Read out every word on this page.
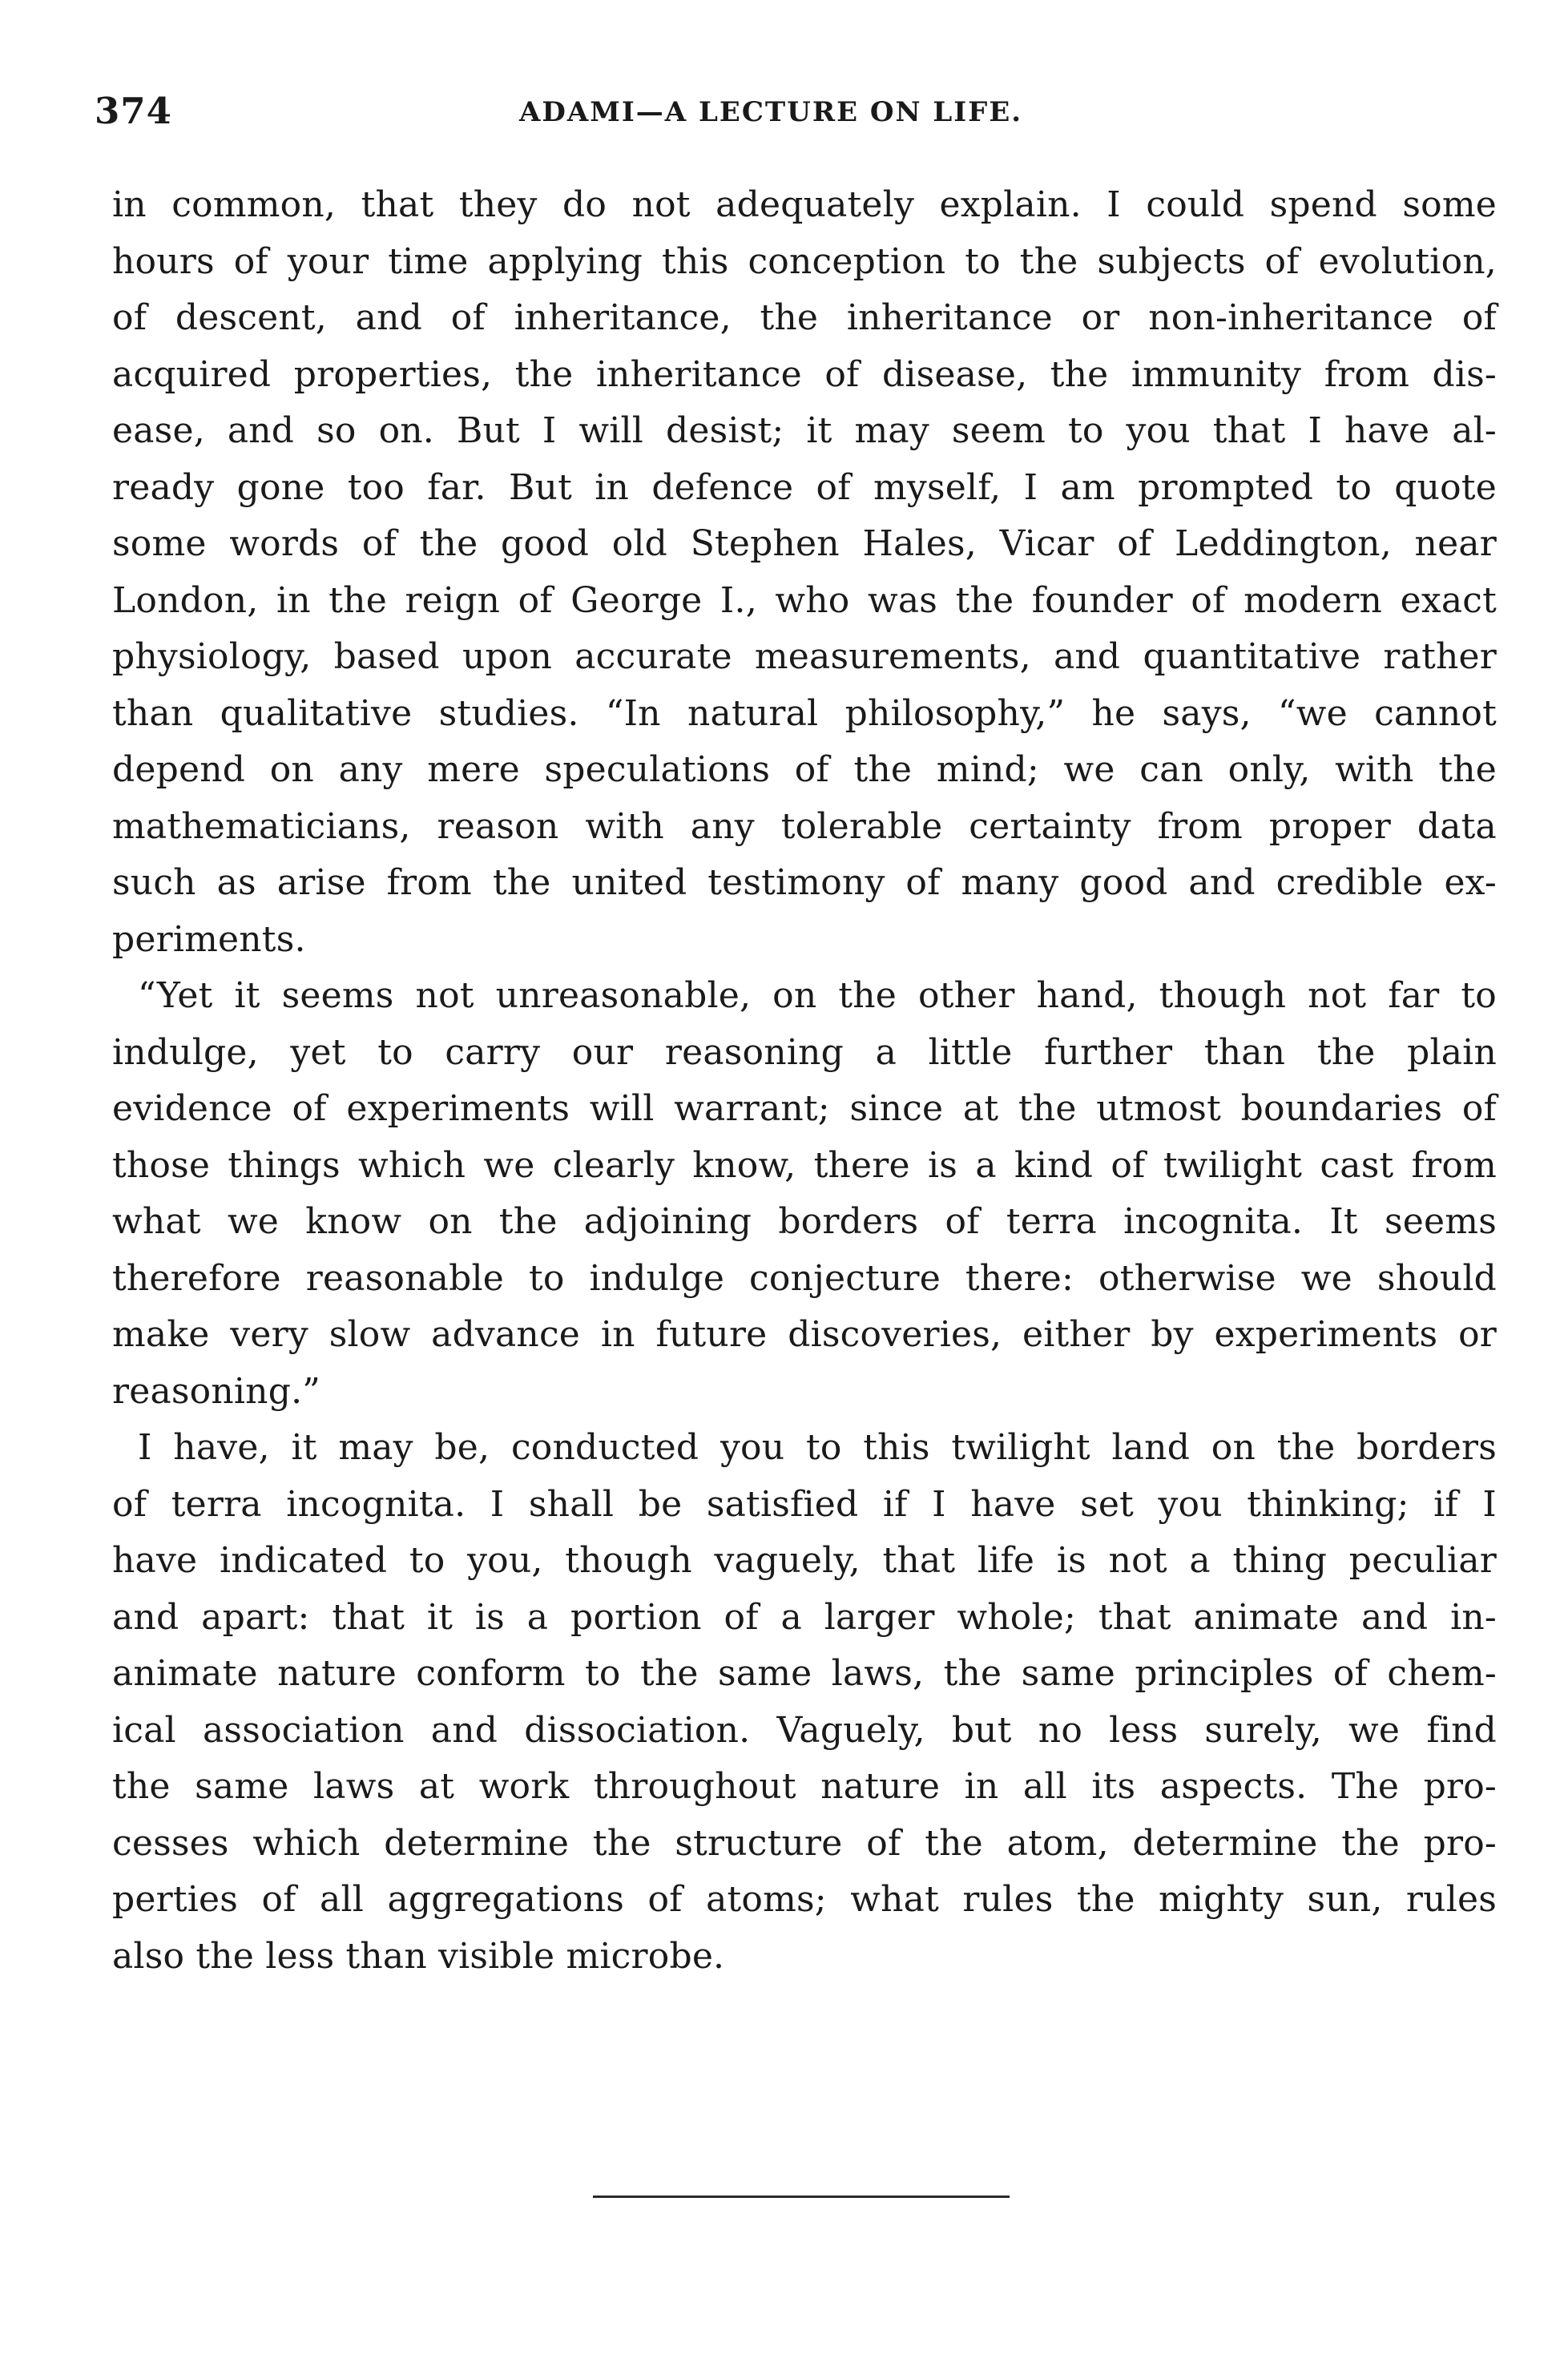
374	ADAMI—A LECTURE ON LIFE.
in common, that they do not adequately explain. I could spend some
hours of your time applying this conception to the subjects of evolution,
of descent, and of inheritance, the inheritance or non-inheritance of
acquired properties, the inheritance of disease, the immunity from dis-
ease, and so on. But I will desist; it may seem to you that I have al-
ready gone too far. But in defence of myself, I am prompted to quote
some words of the good old Stephen Hales, Vicar of Leddington, near
London, in the reign of George I., who was the founder of modern exact
physiology, based upon accurate measurements, and quantitative rather
than qualitative studies. “In natural philosophy,” he says, “we cannot
depend on any mere speculations of the mind; we can only, with the
mathematicians, reason with any tolerable certainty from proper data
such as arise from the united testimony of many good and credible ex-
periments.
“Yet it seems not unreasonable, on the other hand, though not far to
indulge, yet to carry our reasoning a little further than the plain
evidence of experiments will warrant; since at the utmost boundaries of
those things which we clearly know, there is a kind of twilight cast from
what we know on the adjoining borders of terra incognita. It seems
therefore reasonable to indulge conjecture there: otherwise we should
make very slow advance in future discoveries, either by experiments or
reasoning.”
I have, it may be, conducted you to this twilight land on the borders
of terra incognita. I shall be satisfied if I have set you thinking; if I
have indicated to you, though vaguely, that life is not a thing peculiar
and apart: that it is a portion of a larger whole; that animate and in-
animate nature conform to the same laws, the same principles of chem-
ical association and dissociation. Vaguely, but no less surely, we find
the same laws at work throughout nature in all its aspects. The pro-
cesses which determine the structure of the atom, determine the pro-
perties of all aggregations of atoms; what rules the mighty sun, rules
also the less than visible microbe.
